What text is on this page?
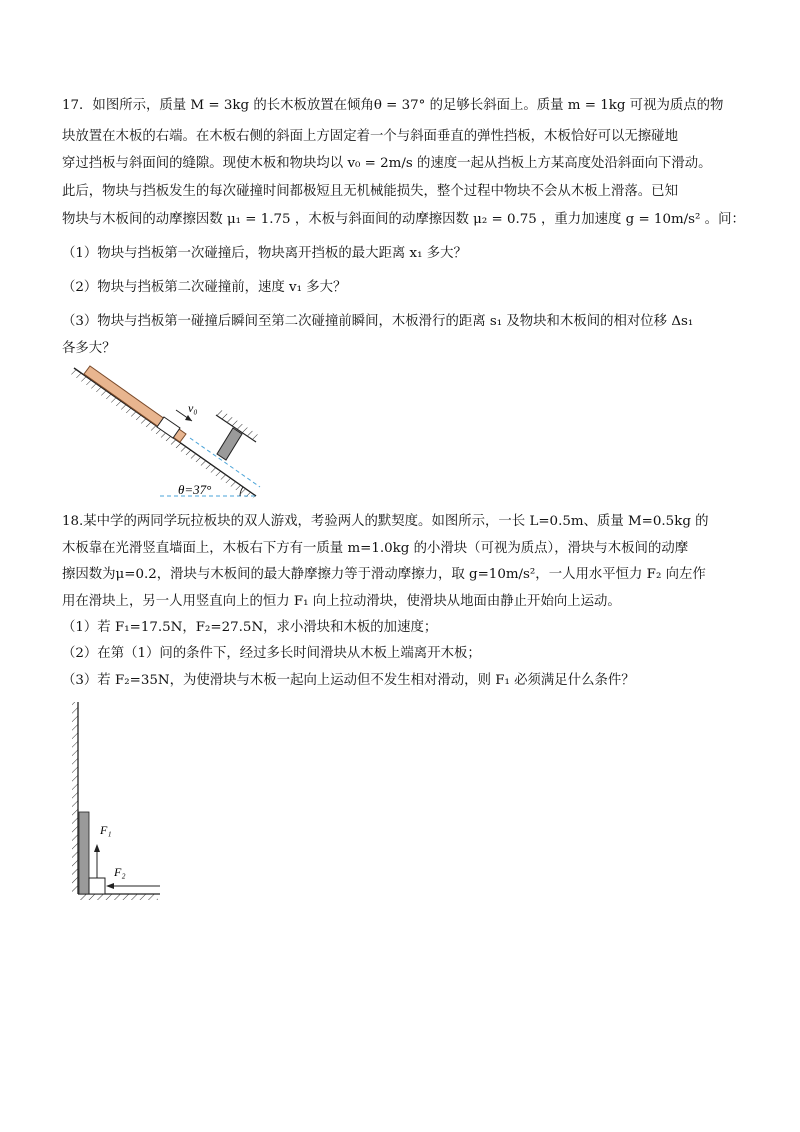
17．如图所示，质量 M = 3kg 的长木板放置在倾角θ = 37° 的足够长斜面上。质量 m = 1kg 可视为质点的物
块放置在木板的右端。在木板右侧的斜面上方固定着一个与斜面垂直的弹性挡板，木板恰好可以无擦碰地
穿过挡板与斜面间的缝隙。现使木板和物块均以 v₀ = 2m/s 的速度一起从挡板上方某高度处沿斜面向下滑动。
此后，物块与挡板发生的每次碰撞时间都极短且无机械能损失，整个过程中物块不会从木板上滑落。已知
物块与木板间的动摩擦因数 μ₁ = 1.75 ，木板与斜面间的动摩擦因数 μ₂ = 0.75 ，重力加速度 g = 10m/s² 。问：
（1）物块与挡板第一次碰撞后，物块离开挡板的最大距离 x₁ 多大？
（2）物块与挡板第二次碰撞前，速度 v₁ 多大？
（3）物块与挡板第一碰撞后瞬间至第二次碰撞前瞬间，木板滑行的距离 s₁ 及物块和木板间的相对位移 Δs₁
各多大？
v₀
θ=37°
18.某中学的两同学玩拉板块的双人游戏，考验两人的默契度。如图所示，一长 L=0.5m、质量 M=0.5kg 的
木板靠在光滑竖直墙面上，木板右下方有一质量 m=1.0kg 的小滑块（可视为质点），滑块与木板间的动摩
擦因数为μ=0.2，滑块与木板间的最大静摩擦力等于滑动摩擦力，取 g=10m/s²，一人用水平恒力 F₂ 向左作
用在滑块上，另一人用竖直向上的恒力 F₁ 向上拉动滑块，使滑块从地面由静止开始向上运动。
（1）若 F₁=17.5N，F₂=27.5N，求小滑块和木板的加速度；
（2）在第（1）问的条件下，经过多长时间滑块从木板上端离开木板；
（3）若 F₂=35N，为使滑块与木板一起向上运动但不发生相对滑动，则 F₁ 必须满足什么条件？
F₁
F₂
